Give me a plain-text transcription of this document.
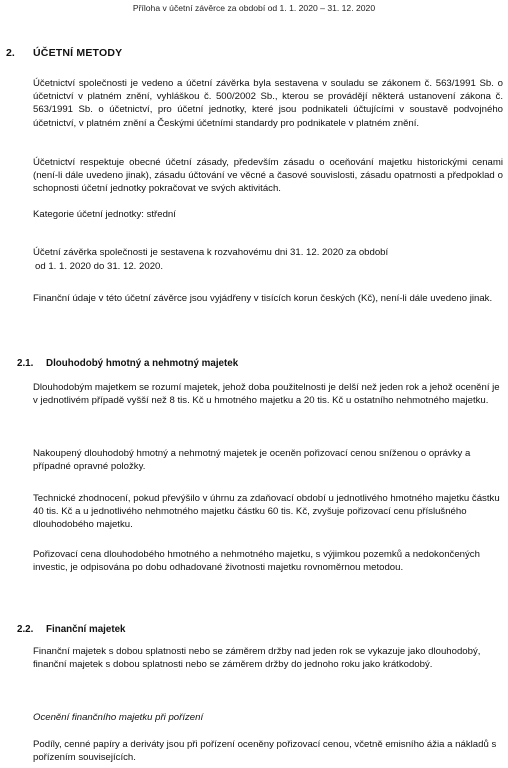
Příloha v účetní závěrce za období od 1. 1. 2020 – 31. 12. 2020
2. ÚČETNÍ METODY

Účetnictví společnosti je vedeno a účetní závěrka byla sestavena v souladu se zákonem č. 563/1991 Sb. o účetnictví v platném znění, vyhláškou č. 500/2002 Sb., kterou se provádějí některá ustanovení zákona č. 563/1991 Sb. o účetnictví, pro účetní jednotky, které jsou podnikateli účtujícími v soustavě podvojného účetnictví, v platném znění a Českými účetními standardy pro podnikatele v platném znění.

Účetnictví respektuje obecné účetní zásady, především zásadu o oceňování majetku historickými cenami (není-li dále uvedeno jinak), zásadu účtování ve věcné a časové souvislosti, zásadu opatrnosti a předpoklad o schopnosti účetní jednotky pokračovat ve svých aktivitách.

Kategorie účetní jednotky: střední

Účetní závěrka společnosti je sestavena k rozvahovému dni 31. 12. 2020 za období

od 1. 1. 2020 do 31. 12. 2020.

Finanční údaje v této účetní závěrce jsou vyjádřeny v tisících korun českých (Kč), není-li dále uvedeno jinak.

2.1. Dlouhodobý hmotný a nehmotný majetek

Dlouhodobým majetkem se rozumí majetek, jehož doba použitelnosti je delší než jeden rok a jehož ocenění je v jednotlivém případě vyšší než 8 tis. Kč u hmotného majetku a 20 tis. Kč u ostatního nehmotného majetku.

Nakoupený dlouhodobý hmotný a nehmotný majetek je oceněn pořizovací cenou sníženou o oprávky a případné opravné položky.

Technické zhodnocení, pokud převýšilo v úhrnu za zdaňovací období u jednotlivého hmotného majetku částku 40 tis. Kč a u jednotlivého nehmotného majetku částku 60 tis. Kč, zvyšuje pořizovací cenu příslušného dlouhodobého majetku.

Pořizovací cena dlouhodobého hmotného a nehmotného majetku, s výjimkou pozemků a nedokončených investic, je odpisována po dobu odhadované životnosti majetku rovnoměrnou metodou.

2.2. Finanční majetek

Finanční majetek s dobou splatnosti nebo se záměrem držby nad jeden rok se vykazuje jako dlouhodobý, finanční majetek s dobou splatnosti nebo se záměrem držby do jednoho roku jako krátkodobý.

Ocenění finančního majetku při pořízení

Podíly, cenné papíry a deriváty jsou při pořízení oceněny pořizovací cenou, včetně emisního ážia a nákladů s pořízením souvisejících.
